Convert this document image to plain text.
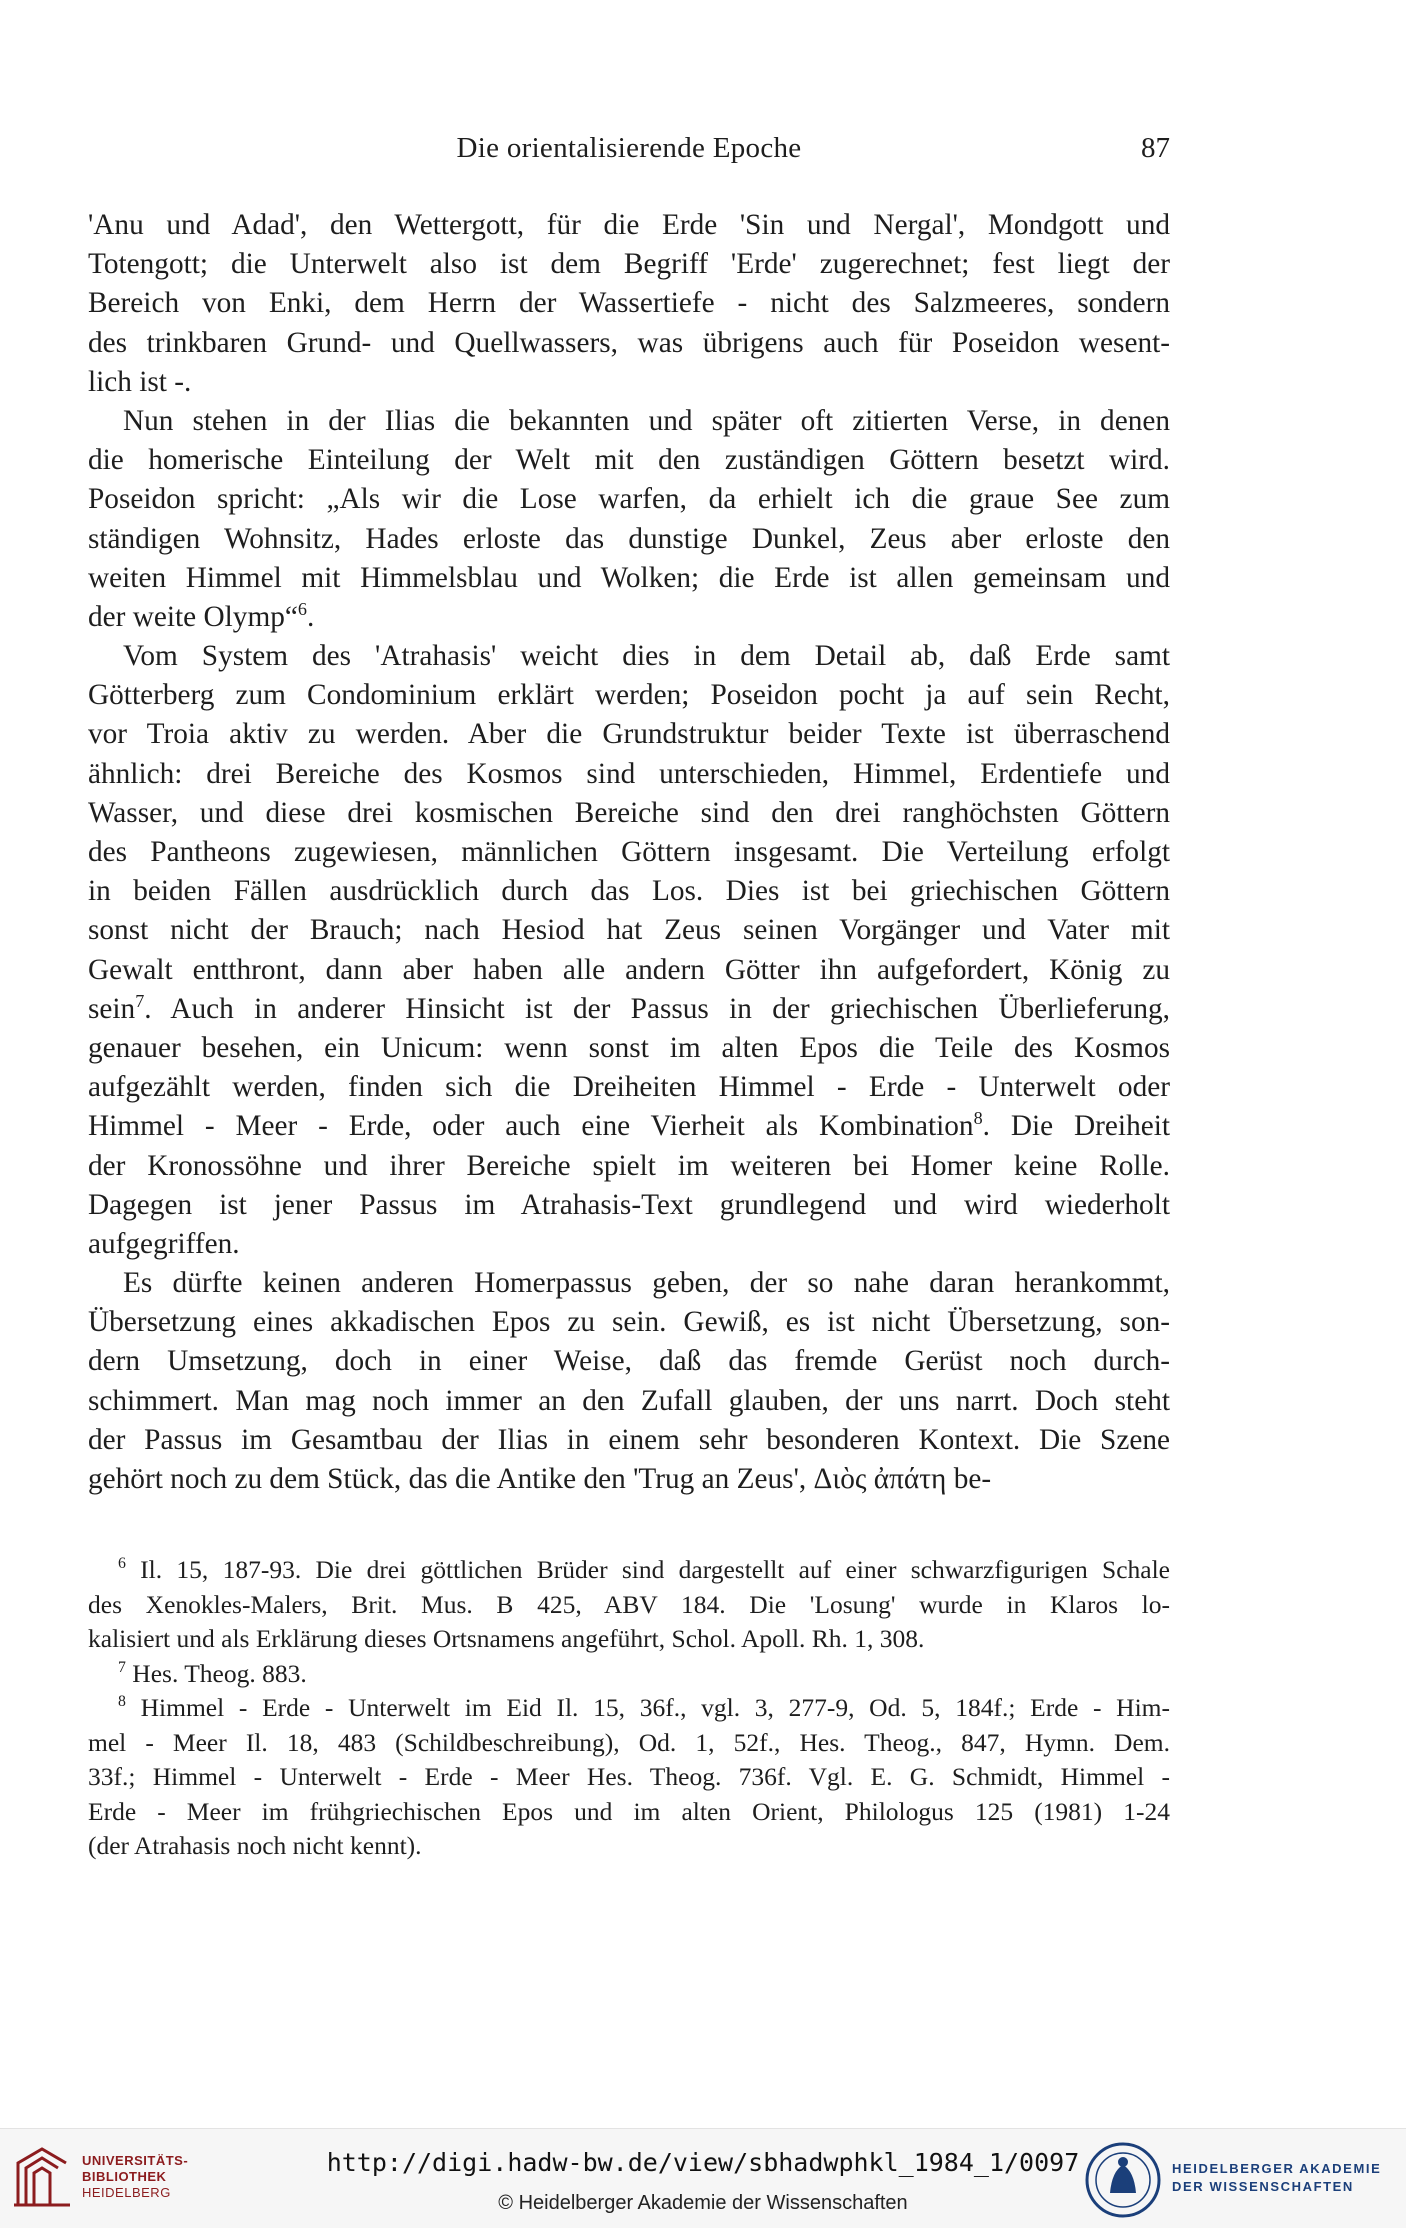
Die orientalisierende Epoche	87
'Anu und Adad', den Wettergott, für die Erde 'Sin und Nergal', Mondgott und
Totengott; die Unterwelt also ist dem Begriff 'Erde' zugerechnet; fest liegt der
Bereich von Enki, dem Herrn der Wassertiefe - nicht des Salzmeeres, sondern
des trinkbaren Grund- und Quellwassers, was übrigens auch für Poseidon wesent-
lich ist -.
Nun stehen in der Ilias die bekannten und später oft zitierten Verse, in denen
die homerische Einteilung der Welt mit den zuständigen Göttern besetzt wird.
Poseidon spricht: „Als wir die Lose warfen, da erhielt ich die graue See zum
ständigen Wohnsitz, Hades erloste das dunstige Dunkel, Zeus aber erloste den
weiten Himmel mit Himmelsblau und Wolken; die Erde ist allen gemeinsam und
der weite Olymp“$^6$.
Vom System des 'Atrahasis' weicht dies in dem Detail ab, daß Erde samt
Götterberg zum Condominium erklärt werden; Poseidon pocht ja auf sein Recht,
vor Troia aktiv zu werden. Aber die Grundstruktur beider Texte ist überraschend
ähnlich: drei Bereiche des Kosmos sind unterschieden, Himmel, Erdentiefe und
Wasser, und diese drei kosmischen Bereiche sind den drei ranghöchsten Göttern
des Pantheons zugewiesen, männlichen Göttern insgesamt. Die Verteilung erfolgt
in beiden Fällen ausdrücklich durch das Los. Dies ist bei griechischen Göttern
sonst nicht der Brauch; nach Hesiod hat Zeus seinen Vorgänger und Vater mit
Gewalt entthront, dann aber haben alle andern Götter ihn aufgefordert, König zu
sein$^7$. Auch in anderer Hinsicht ist der Passus in der griechischen Überlieferung,
genauer besehen, ein Unicum: wenn sonst im alten Epos die Teile des Kosmos
aufgezählt werden, finden sich die Dreiheiten Himmel - Erde - Unterwelt oder
Himmel - Meer - Erde, oder auch eine Vierheit als Kombination$^8$. Die Dreiheit
der Kronossöhne und ihrer Bereiche spielt im weiteren bei Homer keine Rolle.
Dagegen ist jener Passus im Atrahasis-Text grundlegend und wird wiederholt
aufgegriffen.
Es dürfte keinen anderen Homerpassus geben, der so nahe daran herankommt,
Übersetzung eines akkadischen Epos zu sein. Gewiß, es ist nicht Übersetzung, son-
dern Umsetzung, doch in einer Weise, daß das fremde Gerüst noch durch-
schimmert. Man mag noch immer an den Zufall glauben, der uns narrt. Doch steht
der Passus im Gesamtbau der Ilias in einem sehr besonderen Kontext. Die Szene
gehört noch zu dem Stück, das die Antike den 'Trug an Zeus', Διὸς ἀπάτη be-
$^6$ Il. 15, 187-93. Die drei göttlichen Brüder sind dargestellt auf einer schwarzfigurigen Schale
des Xenokles-Malers, Brit. Mus. B 425, ABV 184. Die 'Losung' wurde in Klaros lo-
kalisiert und als Erklärung dieses Ortsnamens angeführt, Schol. Apoll. Rh. 1, 308.
$^7$ Hes. Theog. 883.
$^8$ Himmel - Erde - Unterwelt im Eid Il. 15, 36f., vgl. 3, 277-9, Od. 5, 184f.; Erde - Him-
mel - Meer Il. 18, 483 (Schildbeschreibung), Od. 1, 52f., Hes. Theog., 847, Hymn. Dem.
33f.; Himmel - Unterwelt - Erde - Meer Hes. Theog. 736f. Vgl. E. G. Schmidt, Himmel -
Erde - Meer im frühgriechischen Epos und im alten Orient, Philologus 125 (1981) 1-24
(der Atrahasis noch nicht kennt).
UNIVERSITÄTS-
BIBLIOTHEK
HEIDELBERG
http://digi.hadw-bw.de/view/sbhadwphkl_1984_1/0097
© Heidelberger Akademie der Wissenschaften
HEIDELBERGER AKADEMIE
DER WISSENSCHAFTEN
